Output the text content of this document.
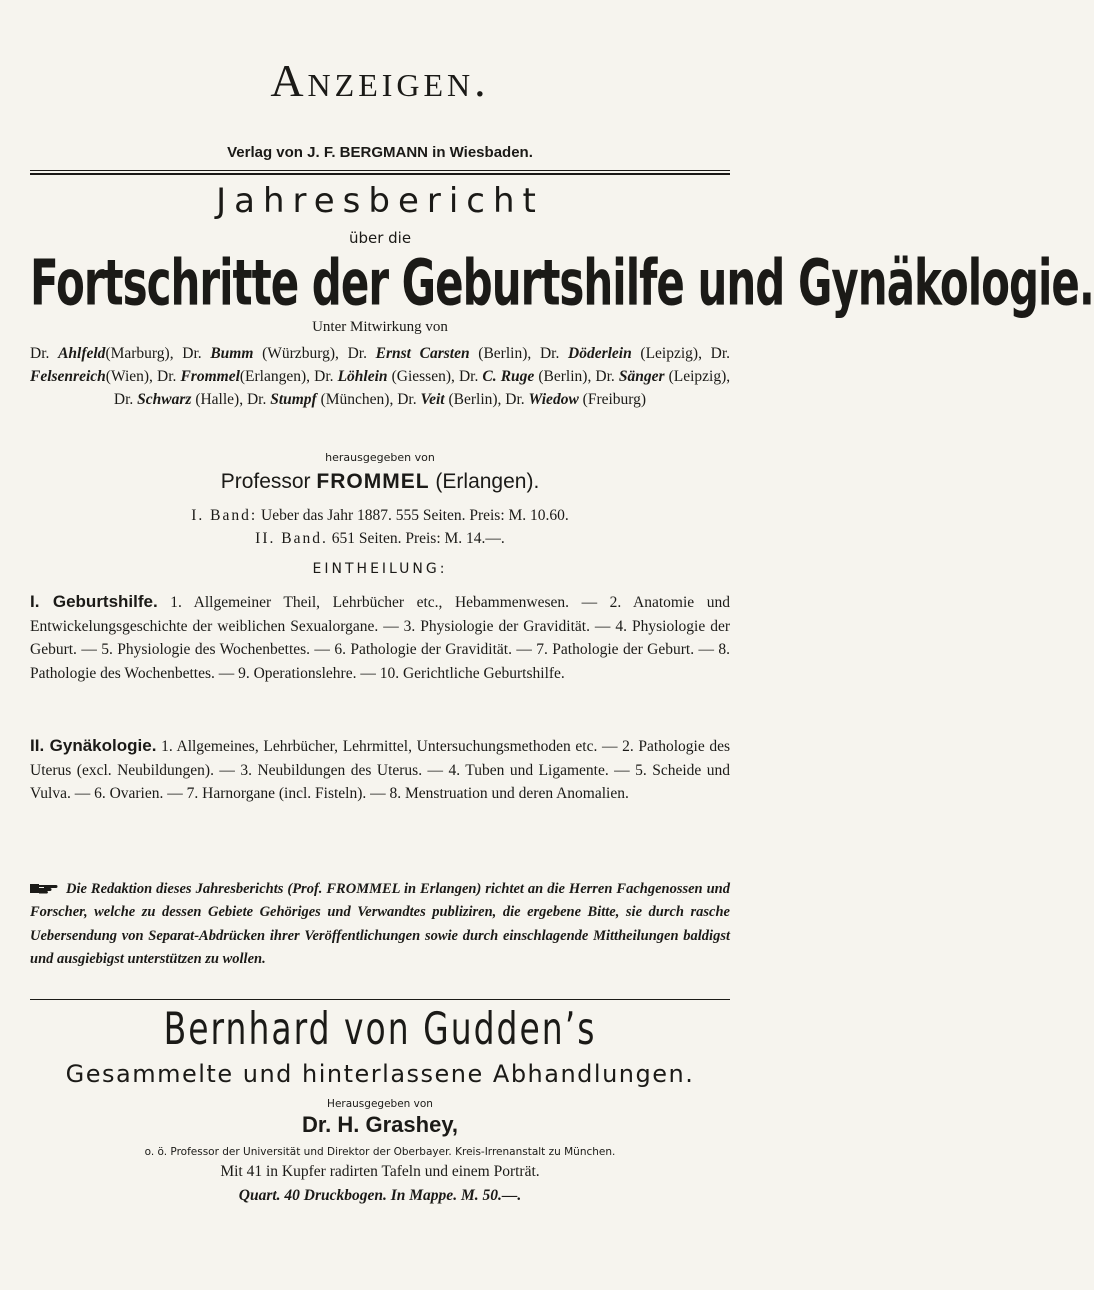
Anzeigen.
Verlag von J. F. BERGMANN in Wiesbaden.
Jahresbericht
über die
Fortschritte der Geburtshilfe und Gynäkologie.
Unter Mitwirkung von
Dr. Ahlfeld(Marburg), Dr. Bumm (Würzburg), Dr. Ernst Carsten (Berlin), Dr. Döderlein (Leipzig), Dr. Felsenreich(Wien), Dr. Frommel(Erlangen), Dr. Löhlein (Giessen), Dr. C. Ruge (Berlin), Dr. Sänger (Leipzig), Dr. Schwarz (Halle), Dr. Stumpf (München), Dr. Veit (Berlin), Dr. Wiedow (Freiburg)
herausgegeben von
Professor FROMMEL (Erlangen).
I. Band: Ueber das Jahr 1887. 555 Seiten. Preis: M. 10.60.
II. Band. 651 Seiten. Preis: M. 14.—.
EINTHEILUNG:
I. Geburtshilfe. 1. Allgemeiner Theil, Lehrbücher etc., Hebammenwesen. — 2. Anatomie und Entwickelungsgeschichte der weiblichen Sexualorgane. — 3. Physiologie der Gravidität. — 4. Physiologie der Geburt. — 5. Physiologie des Wochenbettes. — 6. Pathologie der Gravidität. — 7. Pathologie der Geburt. — 8. Pathologie des Wochenbettes. — 9. Operationslehre. — 10. Gerichtliche Geburtshilfe.
II. Gynäkologie. 1. Allgemeines, Lehrbücher, Lehrmittel, Untersuchungsmethoden etc. — 2. Pathologie des Uterus (excl. Neubildungen). — 3. Neubildungen des Uterus. — 4. Tuben und Ligamente. — 5. Scheide und Vulva. — 6. Ovarien. — 7. Harnorgane (incl. Fisteln). — 8. Menstruation und deren Anomalien.
Die Redaktion dieses Jahresberichts (Prof. FROMMEL in Erlangen) richtet an die Herren Fachgenossen und Forscher, welche zu dessen Gebiete Gehöriges und Verwandtes publiziren, die ergebene Bitte, sie durch rasche Uebersendung von Separat-Abdrücken ihrer Veröffentlichungen sowie durch einschlagende Mittheilungen baldigst und ausgiebigst unterstützen zu wollen.
Bernhard von Gudden’s
Gesammelte und hinterlassene Abhandlungen.
Herausgegeben von
Dr. H. Grashey,
o. ö. Professor der Universität und Direktor der Oberbayer. Kreis-Irrenanstalt zu München.
Mit 41 in Kupfer radirten Tafeln und einem Porträt.
Quart. 40 Druckbogen. In Mappe. M. 50.—.
